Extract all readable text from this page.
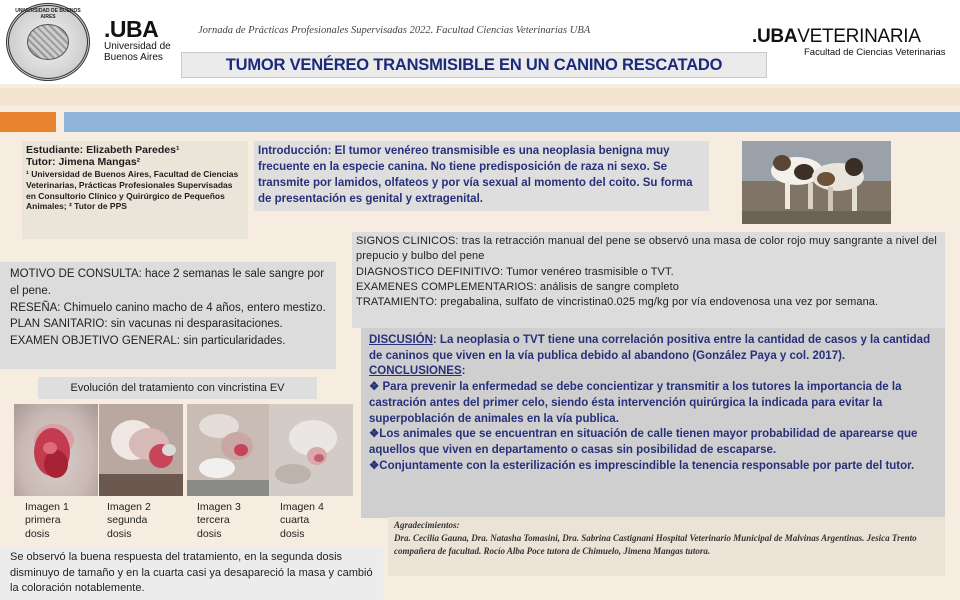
UNIVERSIDAD DE BUENOS AIRES	.UBA
Universidad de
Buenos Aires
Jornada de Prácticas Profesionales Supervisadas 2022. Facultad Ciencias Veterinarias UBA
TUMOR VENÉREO TRANSMISIBLE EN UN CANINO RESCATADO
.UBAVETERINARIA
Facultad de Ciencias Veterinarias
Estudiante: Elizabeth Paredes¹
Tutor: Jimena Mangas²
¹ Universidad de Buenos Aires, Facultad de Ciencias Veterinarias, Prácticas Profesionales Supervisadas en Consultorio Clínico y Quirúrgico de Pequeños Animales; ² Tutor de PPS

Introducción: El tumor venéreo transmisible es una neoplasia benigna muy frecuente en la especie canina. No tiene predisposición de raza ni sexo. Se transmite por lamidos, olfateos y por vía sexual al momento del coito. Su forma de presentación es genital y extragenital.

SIGNOS CLINICOS: tras la retracción manual del pene se observó una masa de color rojo muy sangrante a nivel del prepucio y bulbo del pene

DIAGNOSTICO DEFINITIVO: Tumor venéreo trasmisible o TVT.

EXAMENES COMPLEMENTARIOS: análisis de sangre completo

TRATAMIENTO: pregabalina, sulfato de vincristina0.025 mg/kg por vía endovenosa una vez por semana.

MOTIVO DE CONSULTA: hace 2 semanas le sale sangre por el pene.

RESEÑA: Chimuelo canino macho de 4 años, entero mestizo.

PLAN SANITARIO: sin vacunas ni desparasitaciones.

EXAMEN OBJETIVO GENERAL: sin particularidades.	DISCUSIÓN: La neoplasia o TVT tiene una correlación positiva entre la cantidad de casos y la cantidad de caninos que viven en la vía publica debido al abandono (González Paya y col. 2017).
CONCLUSIONES:
❖ Para prevenir la enfermedad se debe concientizar y transmitir a los tutores la importancia de la castración antes del primer celo, siendo ésta intervención quirúrgica la indicada para evitar la superpoblación de animales en la vía publica.
❖Los animales que se encuentran en situación de calle tienen mayor probabilidad de aparearse que aquellos que viven en departamento o casas sin posibilidad de escaparse.
❖Conjuntamente con la esterilización es imprescindible la tenencia responsable por parte del tutor.
Evolución del tratamiento con vincristina EV
Imagen 1
primera
dosis
Imagen 2
segunda
dosis
Imagen 3
tercera
dosis
Imagen 4
cuarta
dosis

Se observó la buena respuesta del tratamiento, en la segunda dosis disminuyo de tamaño y en la cuarta casi ya desapareció la masa y cambió la coloración notablemente.

Agradecimientos:

Dra. Cecilia Gauna, Dra. Natasha Tomasini, Dra. Sabrina Castignani Hospital Veterinario Municipal de Malvinas Argentinas. Jesica Trento compañera de facultad. Rocío Alba Poce tutora de Chimuelo, Jimena Mangas tutora.
